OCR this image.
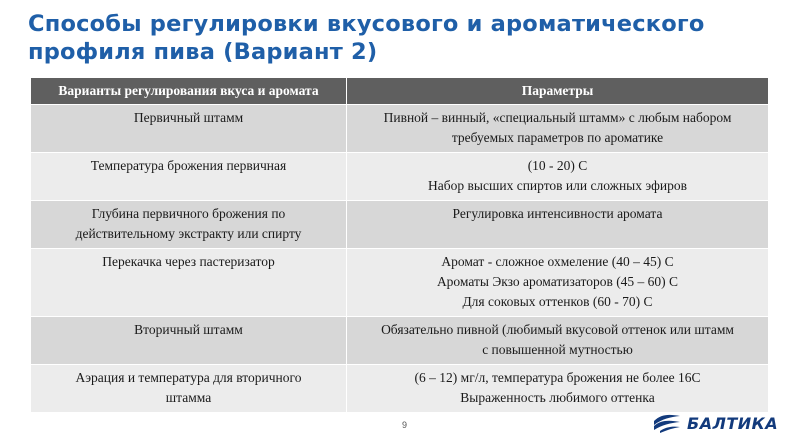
Способы регулировки вкусового и ароматического
профиля пива (Вариант 2)
Варианты регулирования вкуса и аромата	Параметры

Первичный штамм	Пивной – винный, «специальный штамм» с любым набором
требуемых параметров по ароматике

Температура брожения первичная	(10 - 20) С
Набор высших спиртов или сложных эфиров

Глубина первичного брожения по
действительному экстракту или спирту	Регулировка интенсивности аромата

Перекачка через пастеризатор	Аромат - сложное охмеление (40 – 45) С
Ароматы Экзо ароматизаторов (45 – 60) С
Для соковых оттенков (60 - 70) С

Вторичный штамм	Обязательно пивной (любимый вкусовой оттенок или штамм
с повышенной мутностью

Аэрация и температура для вторичного
штамма	(6 – 12) мг/л, температура брожения не более 16С
Выраженность любимого оттенка
9	БАЛТИКА
